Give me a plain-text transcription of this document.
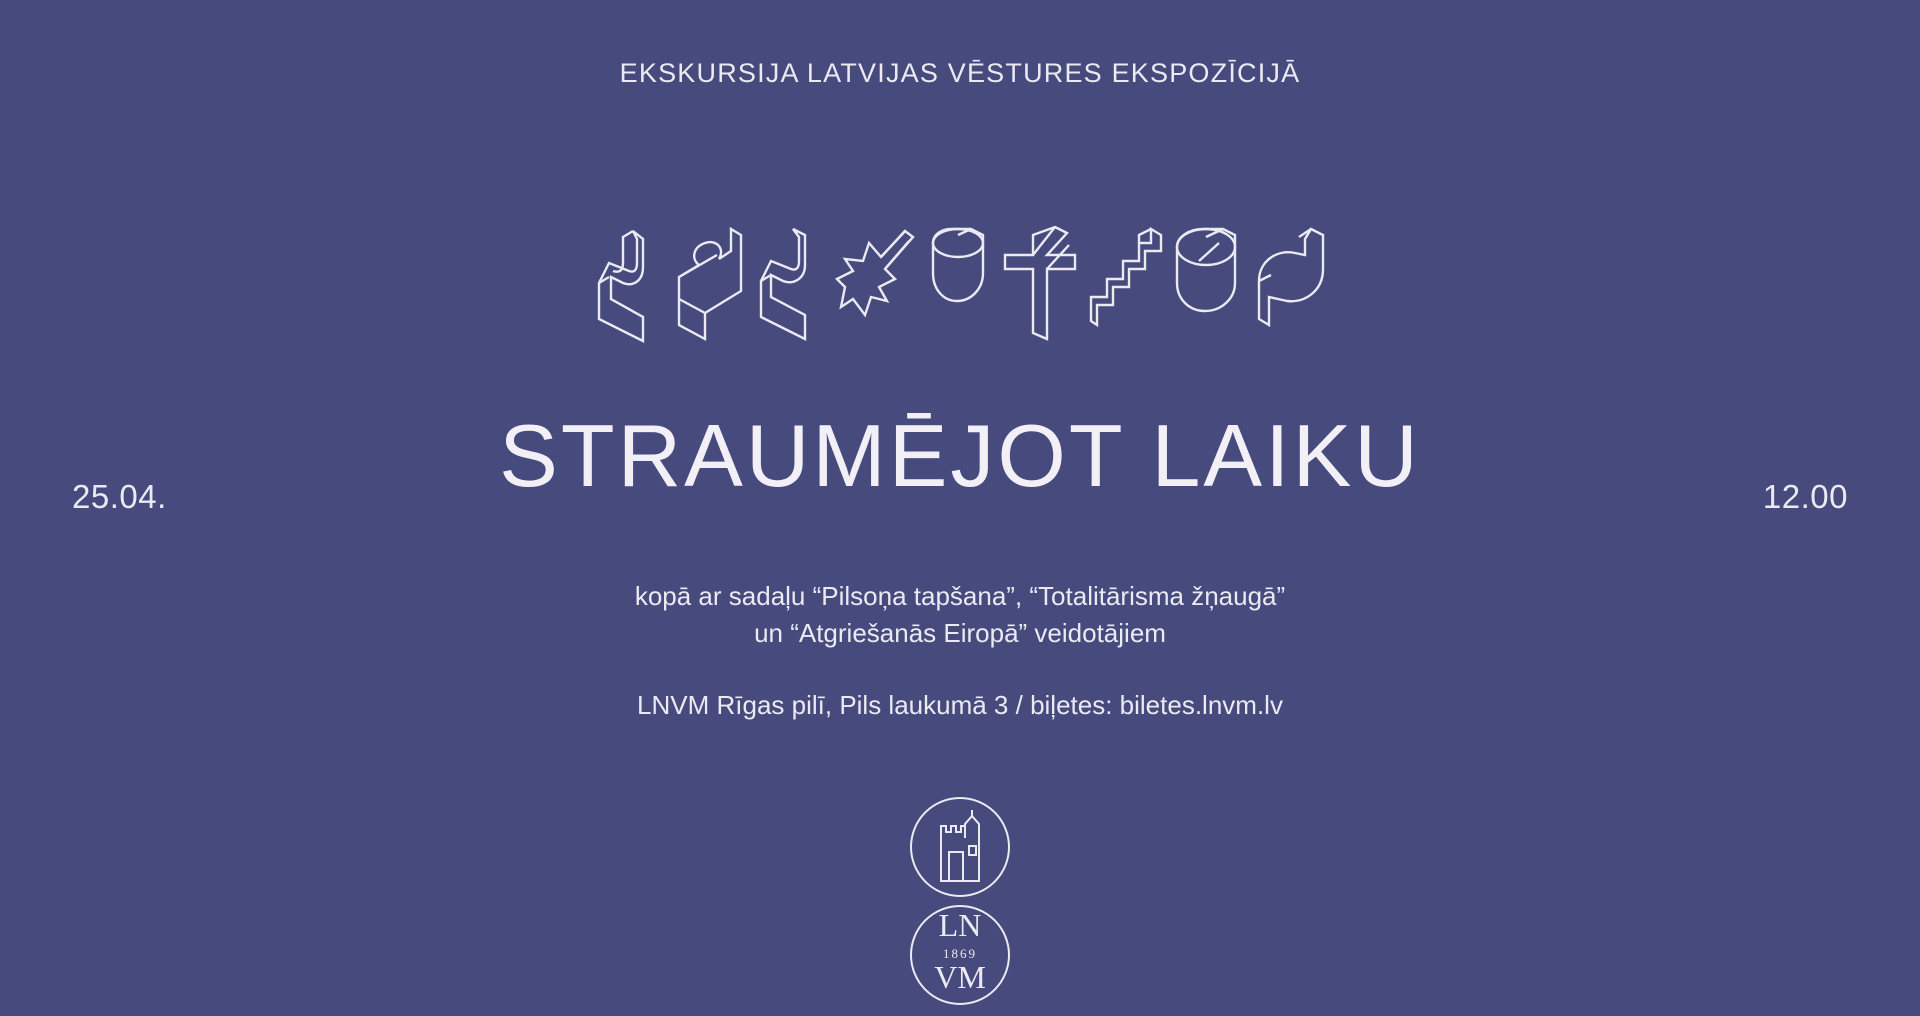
EKSKURSIJA LATVIJAS VĒSTURES EKSPOZĪCIJĀ
25.04.	12.00
STRAUMĒJOT LAIKU
kopā ar sadaļu “Pilsoņa tapšana”, “Totalitārisma žņaugā”
un “Atgriešanās Eiropā” veidotājiem
LNVM Rīgas pilī, Pils laukumā 3 / biļetes: biletes.lnvm.lv
LN
1869
VM
